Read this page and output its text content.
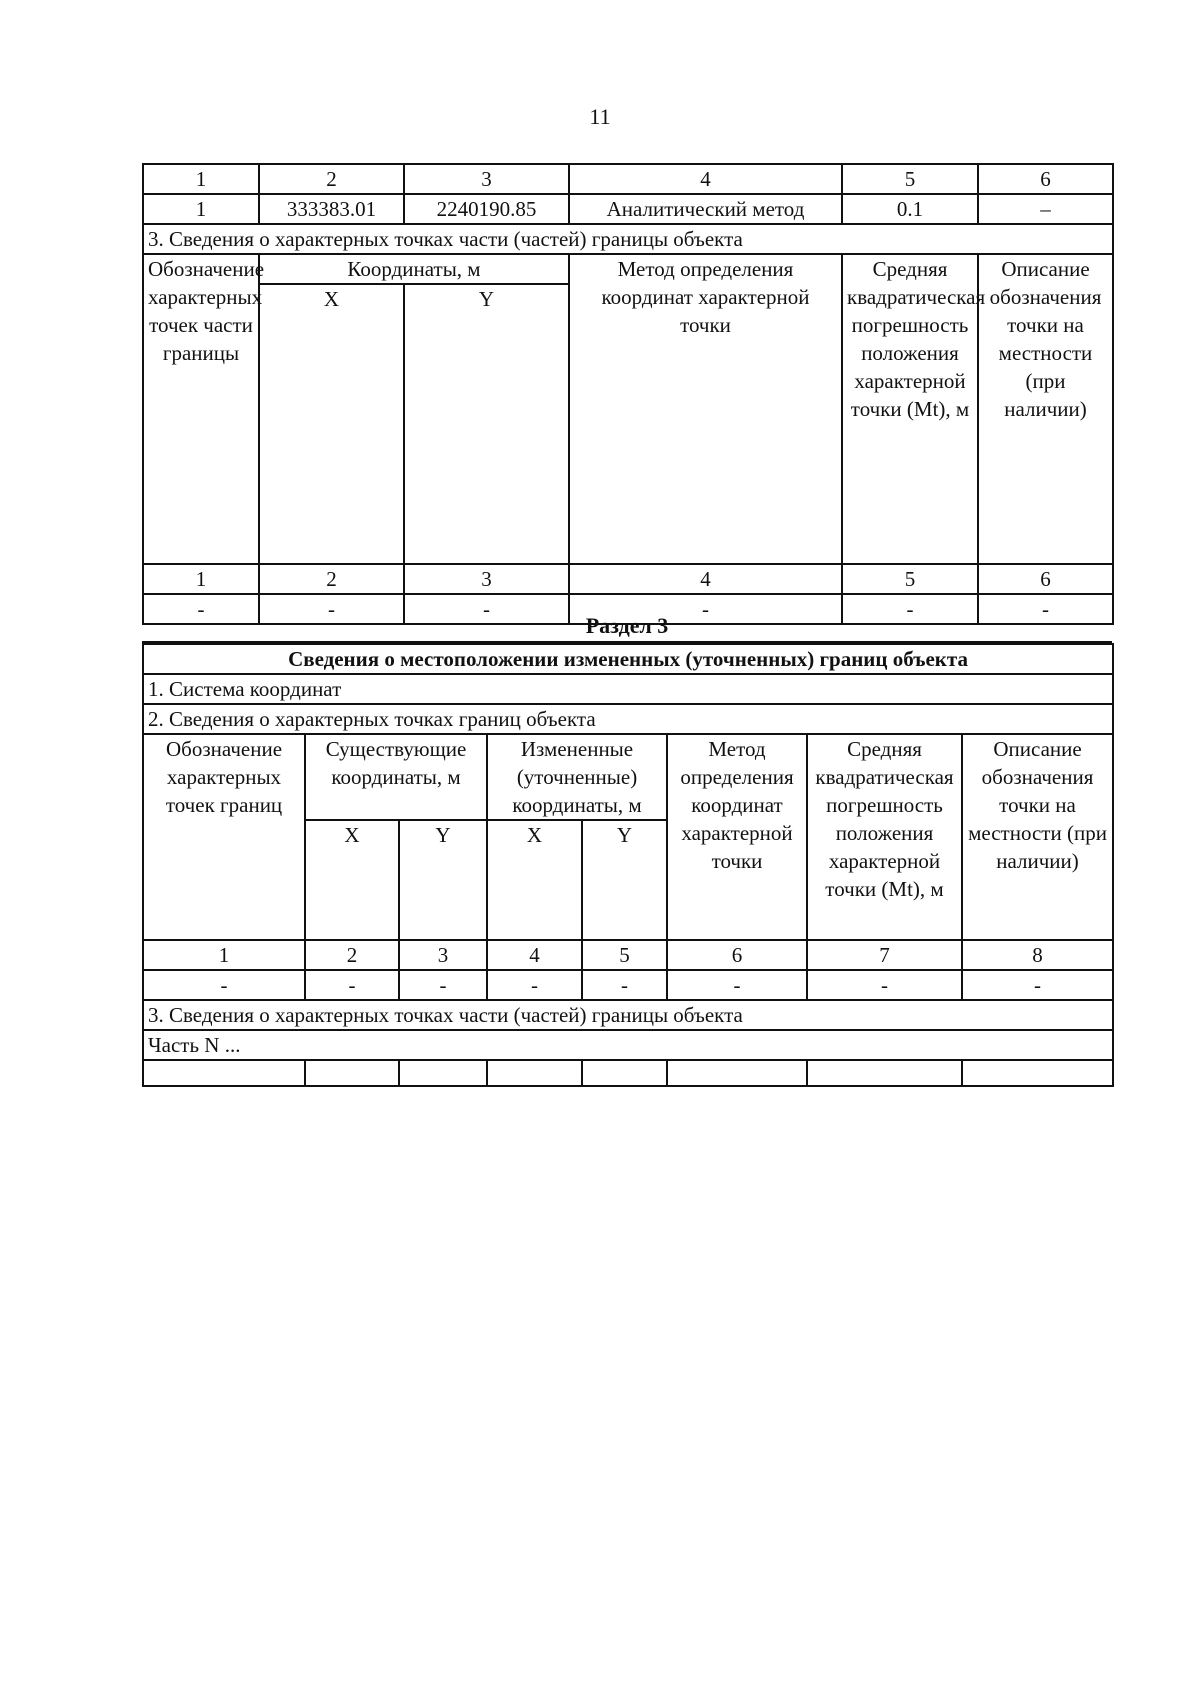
11
1	2	3	4	5	6
1	333383.01	2240190.85	Аналитический метод	0.1	–
3. Сведения о характерных точках части (частей) границы объекта					
Обозначение характерных точек части границы	Координаты, м		Метод определения координат характерной точки	Средняя квадратическая погрешность положения характерной точки (Mt), м	Описание обозначения точки на местности (при наличии)
	X	Y			
1	2	3	4	5	6
-	-	-	-	-	-
Раздел 3
Сведения о местоположении измененных (уточненных) границ объекта							
1. Система координат							
2. Сведения о характерных точках границ объекта							
Обозначение характерных точек границ	Существующие координаты, м		Измененные (уточненные) координаты, м		Метод определения координат характерной точки	Средняя квадратическая погрешность положения характерной точки (Mt), м	Описание обозначения точки на местности (при наличии)
	X	Y	X	Y			
1	2	3	4	5	6	7	8
-	-	-	-	-	-	-	-
3. Сведения о характерных точках части (частей) границы объекта							
Часть N ...							
